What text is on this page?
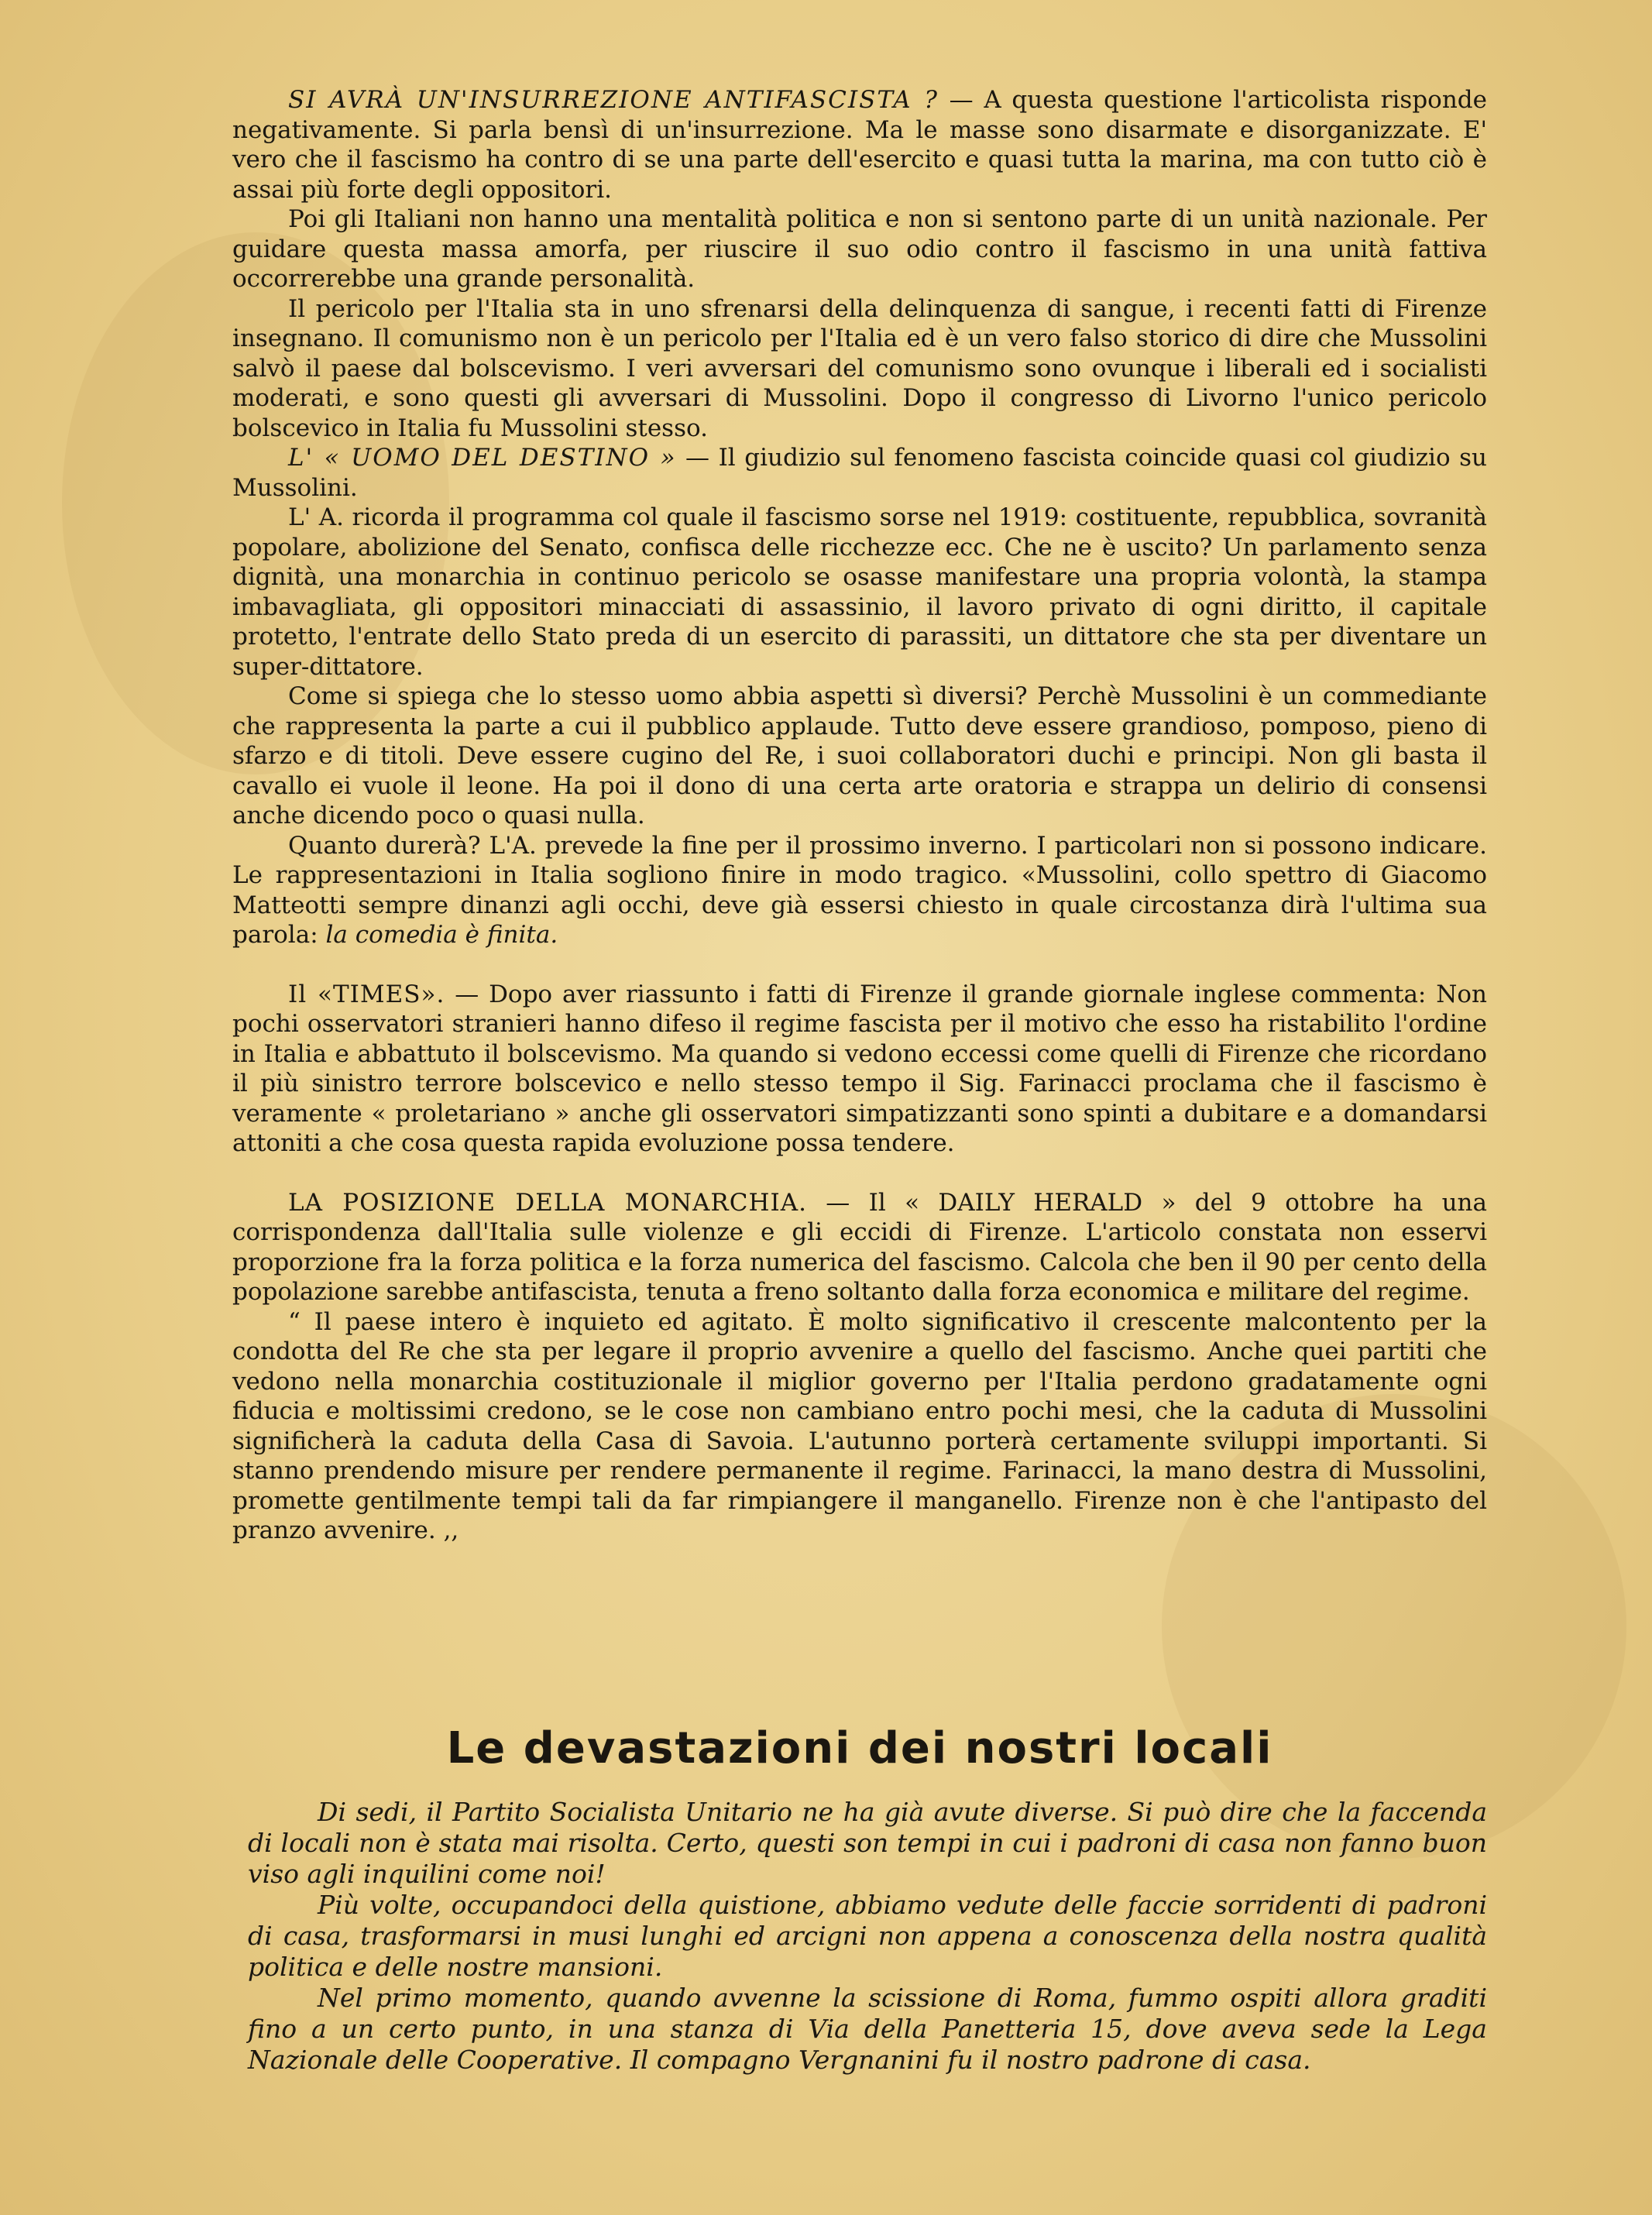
SI AVRÀ UN'INSURREZIONE ANTIFASCISTA ? — A questa questione l'articolista risponde negativamente. Si parla bensì di un'insurrezione. Ma le masse sono disarmate e disorganizzate. E' vero che il fascismo ha contro di se una parte dell'esercito e quasi tutta la marina, ma con tutto ciò è assai più forte degli oppositori.

Poi gli Italiani non hanno una mentalità politica e non si sentono parte di un unità nazionale. Per guidare questa massa amorfa, per riuscire il suo odio contro il fascismo in una unità fattiva occorrerebbe una grande personalità.

Il pericolo per l'Italia sta in uno sfrenarsi della delinquenza di sangue, i recenti fatti di Firenze insegnano. Il comunismo non è un pericolo per l'Italia ed è un vero falso storico di dire che Mussolini salvò il paese dal bolscevismo. I veri avversari del comunismo sono ovunque i liberali ed i socialisti moderati, e sono questi gli avversari di Mussolini. Dopo il congresso di Livorno l'unico pericolo bolscevico in Italia fu Mussolini stesso.

L' « UOMO DEL DESTINO » — Il giudizio sul fenomeno fascista coincide quasi col giudizio su Mussolini.

L' A. ricorda il programma col quale il fascismo sorse nel 1919: costituente, repubblica, sovranità popolare, abolizione del Senato, confisca delle ricchezze ecc. Che ne è uscito? Un parlamento senza dignità, una monarchia in continuo pericolo se osasse manifestare una propria volontà, la stampa imbavagliata, gli oppositori minacciati di assassinio, il lavoro privato di ogni diritto, il capitale protetto, l'entrate dello Stato preda di un esercito di parassiti, un dittatore che sta per diventare un super-dittatore.

Come si spiega che lo stesso uomo abbia aspetti sì diversi? Perchè Mussolini è un commediante che rappresenta la parte a cui il pubblico applaude. Tutto deve essere grandioso, pomposo, pieno di sfarzo e di titoli. Deve essere cugino del Re, i suoi collaboratori duchi e principi. Non gli basta il cavallo ei vuole il leone. Ha poi il dono di una certa arte oratoria e strappa un delirio di consensi anche dicendo poco o quasi nulla.

Quanto durerà? L'A. prevede la fine per il prossimo inverno. I particolari non si possono indicare. Le rappresentazioni in Italia sogliono finire in modo tragico. «Mussolini, collo spettro di Giacomo Matteotti sempre dinanzi agli occhi, deve già essersi chiesto in quale circostanza dirà l'ultima sua parola: la comedia è finita.

Il «TIMES». — Dopo aver riassunto i fatti di Firenze il grande giornale inglese commenta: Non pochi osservatori stranieri hanno difeso il regime fascista per il motivo che esso ha ristabilito l'ordine in Italia e abbattuto il bolscevismo. Ma quando si vedono eccessi come quelli di Firenze che ricordano il più sinistro terrore bolscevico e nello stesso tempo il Sig. Farinacci proclama che il fascismo è veramente « proletariano » anche gli osservatori simpatizzanti sono spinti a dubitare e a domandarsi attoniti a che cosa questa rapida evoluzione possa tendere.

LA POSIZIONE DELLA MONARCHIA. — Il « DAILY HERALD » del 9 ottobre ha una corrispondenza dall'Italia sulle violenze e gli eccidi di Firenze. L'articolo constata non esservi proporzione fra la forza politica e la forza numerica del fascismo. Calcola che ben il 90 per cento della popolazione sarebbe antifascista, tenuta a freno soltanto dalla forza economica e militare del regime.

“ Il paese intero è inquieto ed agitato. È molto significativo il crescente malcontento per la condotta del Re che sta per legare il proprio avvenire a quello del fascismo. Anche quei partiti che vedono nella monarchia costituzionale il miglior governo per l'Italia perdono gradatamente ogni fiducia e moltissimi credono, se le cose non cambiano entro pochi mesi, che la caduta di Mussolini significherà la caduta della Casa di Savoia. L'autunno porterà certamente sviluppi importanti. Si stanno prendendo misure per rendere permanente il regime. Farinacci, la mano destra di Mussolini, promette gentilmente tempi tali da far rimpiangere il manganello. Firenze non è che l'antipasto del pranzo avvenire. ,,

Le devastazioni dei nostri locali

Di sedi, il Partito Socialista Unitario ne ha già avute diverse. Si può dire che la faccenda di locali non è stata mai risolta. Certo, questi son tempi in cui i padroni di casa non fanno buon viso agli inquilini come noi!

Più volte, occupandoci della quistione, abbiamo vedute delle faccie sorridenti di padroni di casa, trasformarsi in musi lunghi ed arcigni non appena a conoscenza della nostra qualità politica e delle nostre mansioni.

Nel primo momento, quando avvenne la scissione di Roma, fummo ospiti allora graditi fino a un certo punto, in una stanza di Via della Panetteria 15, dove aveva sede la Lega Nazionale delle Cooperative. Il compagno Vergnanini fu il nostro padrone di casa.
